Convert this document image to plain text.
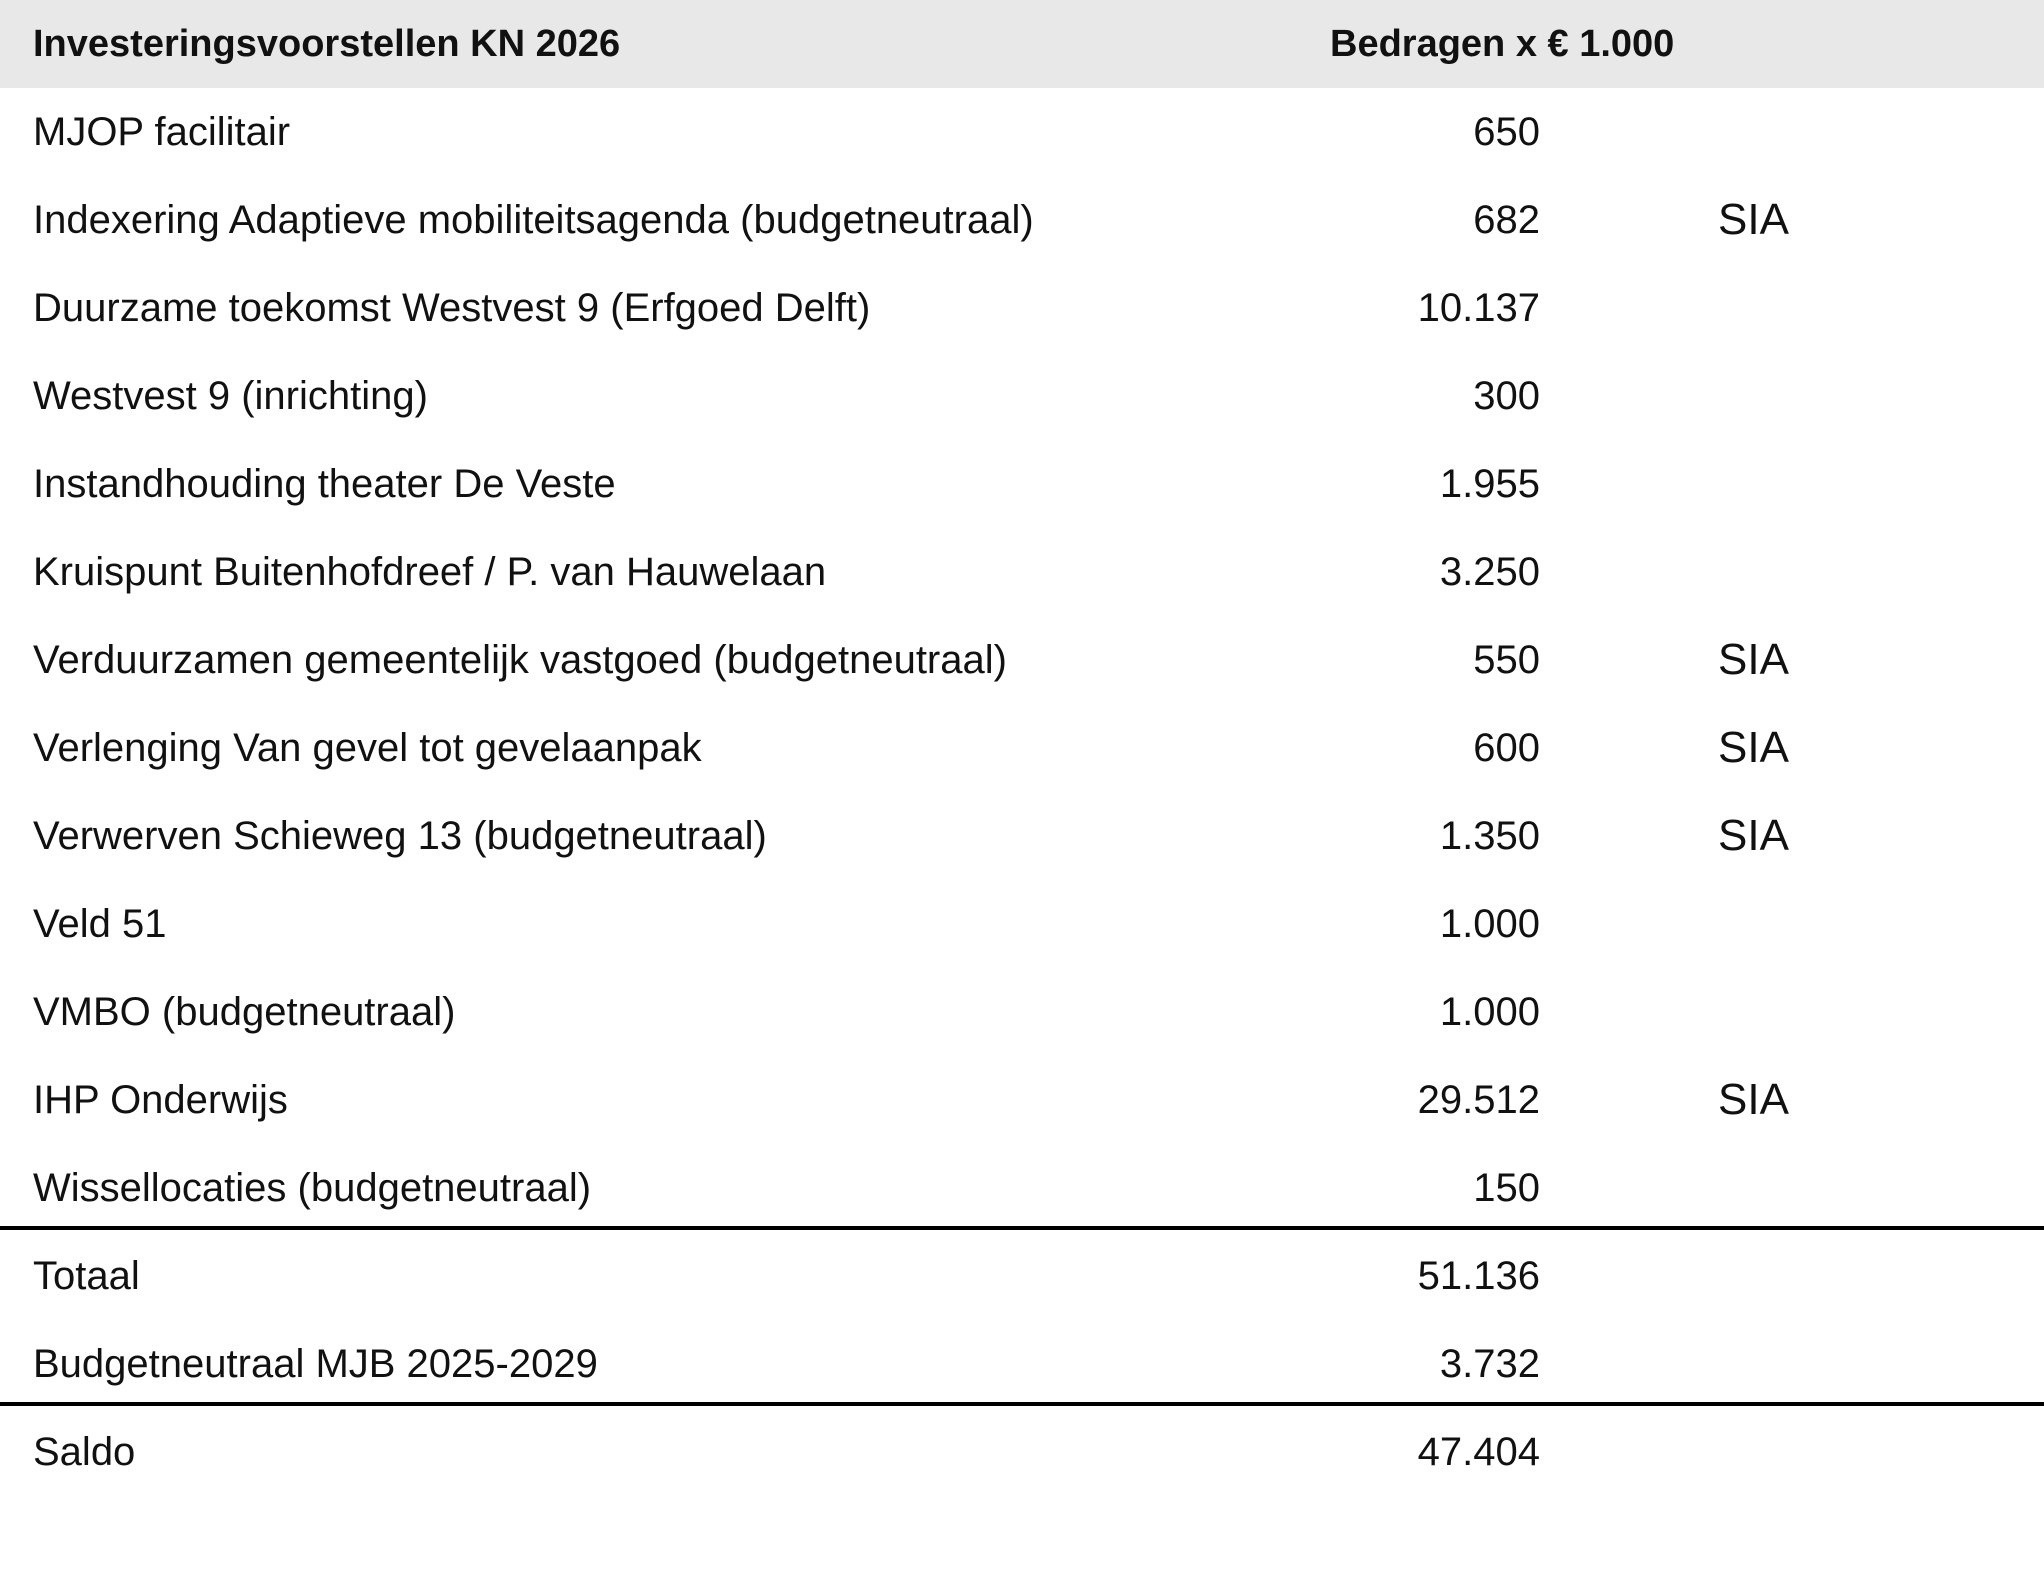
Investeringsvoorstellen KN 2026	Bedragen x € 1.000
MJOP facilitair	650
Indexering Adaptieve mobiliteitsagenda (budgetneutraal)	682	SIA
Duurzame toekomst Westvest 9 (Erfgoed Delft)	10.137
Westvest 9 (inrichting)	300
Instandhouding theater De Veste	1.955
Kruispunt Buitenhofdreef / P. van Hauwelaan	3.250
Verduurzamen gemeentelijk vastgoed (budgetneutraal)	550	SIA
Verlenging Van gevel tot gevelaanpak	600	SIA
Verwerven Schieweg 13 (budgetneutraal)	1.350	SIA
Veld 51	1.000
VMBO (budgetneutraal)	1.000
IHP Onderwijs	29.512	SIA
Wissellocaties (budgetneutraal)	150
Totaal	51.136
Budgetneutraal MJB 2025-2029	3.732
Saldo	47.404
